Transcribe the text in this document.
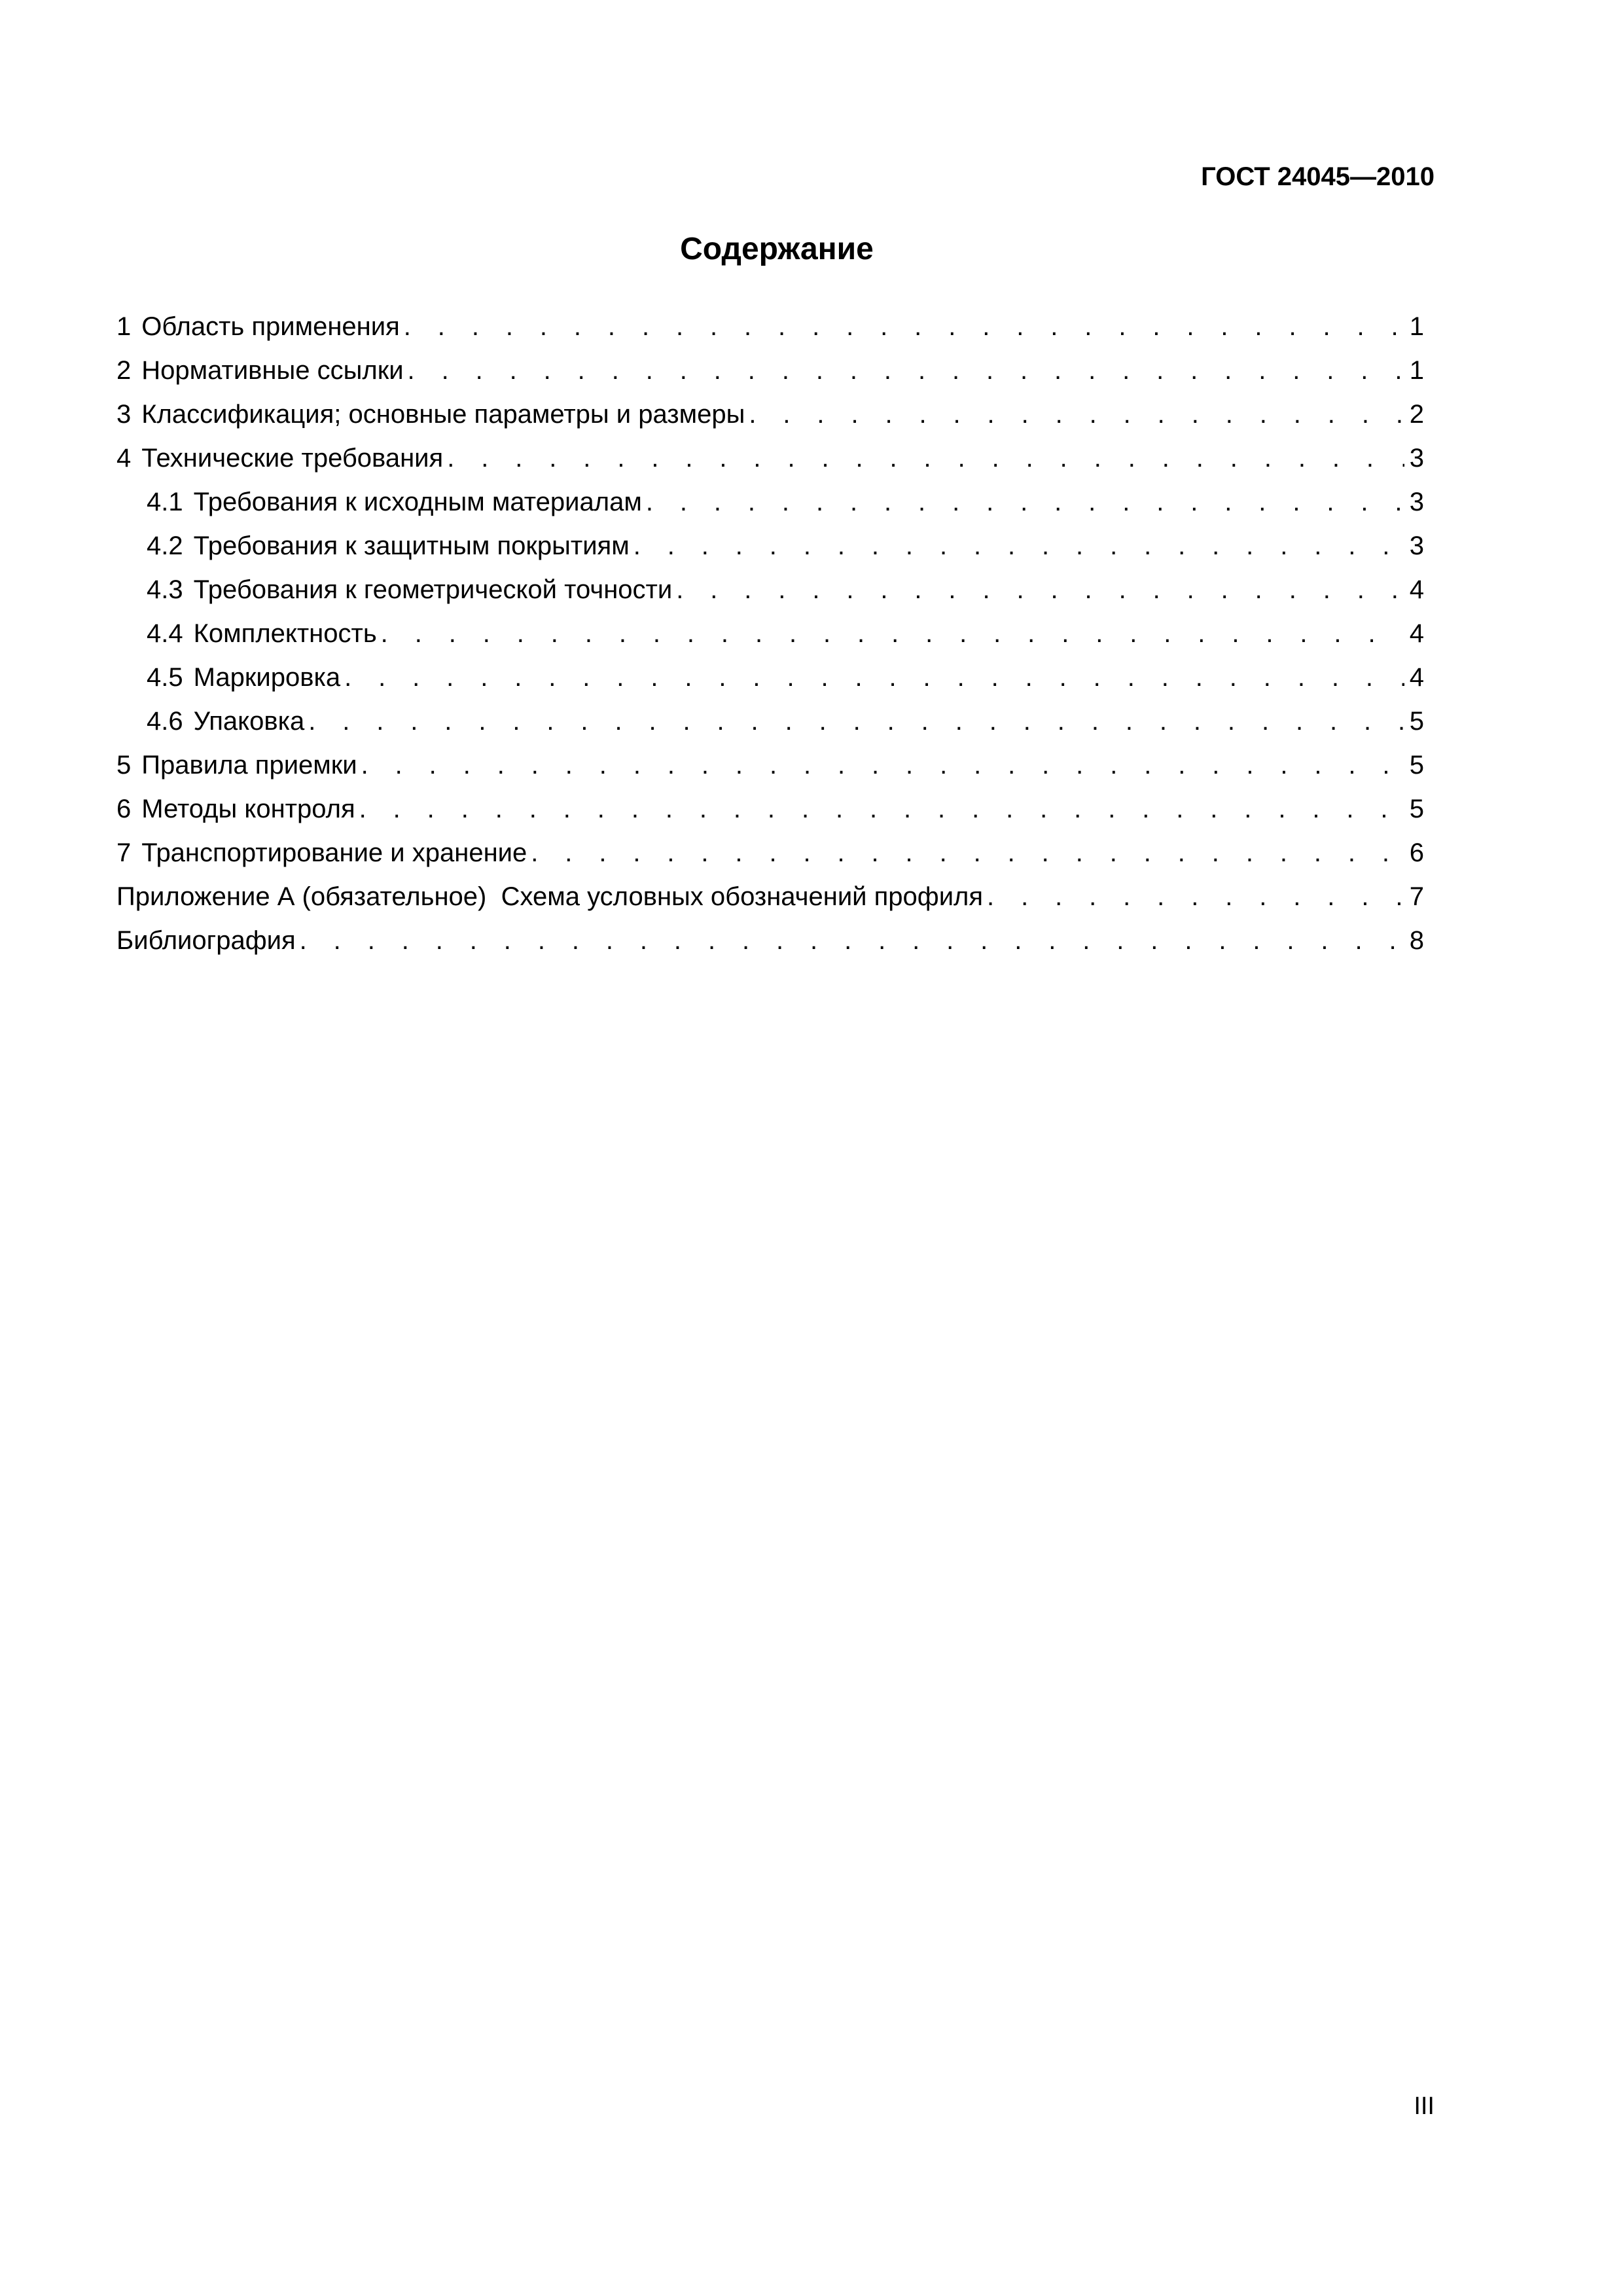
ГОСТ 24045—2010
Содержание
1 Область применения . . .	1
2 Нормативные ссылки . . .	1
3 Классификация; основные параметры и размеры . . .	2
4 Технические требования . . .	3
4.1 Требования к исходным материалам . . .	3
4.2 Требования к защитным покрытиям . . .	3
4.3 Требования к геометрической точности . . .	4
4.4 Комплектность . . .	4
4.5 Маркировка . . .	4
4.6 Упаковка . . .	5
5 Правила приемки . . .	5
6 Методы контроля . . .	5
7 Транспортирование и хранение . . .	6
Приложение А (обязательное)  Схема условных обозначений профиля . . .	7
Библиография . . .	8
III
